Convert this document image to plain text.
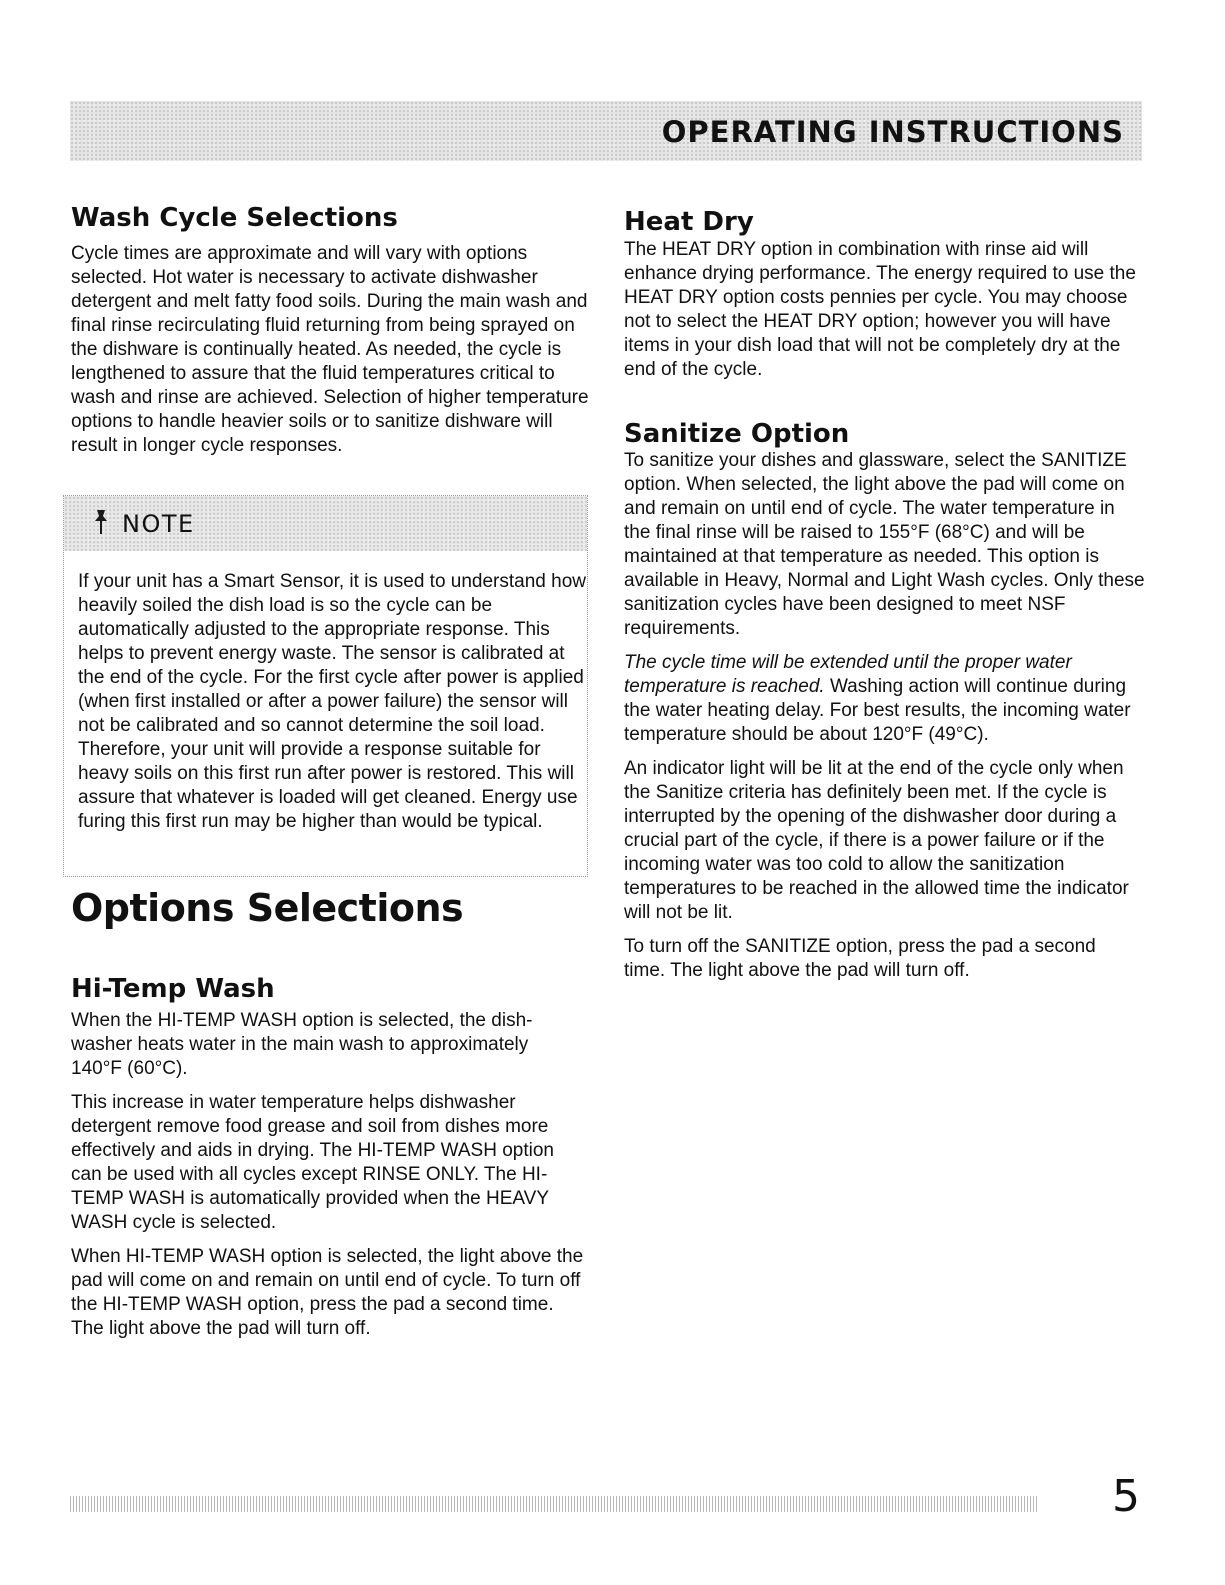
OPERATING INSTRUCTIONS
Wash Cycle Selections

Cycle times are approximate and will vary with options selected. Hot water is necessary to activate dishwasher detergent and melt fatty food soils. During the main wash and final rinse recirculating fluid returning from being sprayed on the dishware is continually heated. As needed, the cycle is lengthened to assure that the fluid temperatures critical to wash and rinse are achieved. Selection of higher temperature options to handle heavier soils or to sanitize dishware will result in longer cycle responses.

NOTE

If your unit has a Smart Sensor, it is used to understand how heavily soiled the dish load is so the cycle can be automatically adjusted to the appropriate response. This helps to prevent energy waste. The sensor is calibrated at the end of the cycle. For the first cycle after power is applied (when first installed or after a power failure) the sensor will not be calibrated and so cannot determine the soil load. Therefore, your unit will provide a response suitable for heavy soils on this first run after power is restored. This will assure that whatever is loaded will get cleaned. Energy use furing this first run may be higher than would be typical.

Options Selections
Hi-Temp Wash

When the HI-TEMP WASH option is selected, the dish-washer heats water in the main wash to approximately 140°F (60°C).

This increase in water temperature helps dishwasher detergent remove food grease and soil from dishes more effectively and aids in drying. The HI-TEMP WASH option can be used with all cycles except RINSE ONLY. The HI-TEMP WASH is automatically provided when the HEAVY WASH cycle is selected.

When HI-TEMP WASH option is selected, the light above the pad will come on and remain on until end of cycle. To turn off the HI-TEMP WASH option, press the pad a second time. The light above the pad will turn off.

Heat Dry

The HEAT DRY option in combination with rinse aid will enhance drying performance. The energy required to use the HEAT DRY option costs pennies per cycle. You may choose not to select the HEAT DRY option; however you will have items in your dish load that will not be completely dry at the end of the cycle.

Sanitize Option

To sanitize your dishes and glassware, select the SANITIZE option. When selected, the light above the pad will come on and remain on until end of cycle. The water temperature in the final rinse will be raised to 155°F (68°C) and will be maintained at that temperature as needed. This option is available in Heavy, Normal and Light Wash cycles. Only these sanitization cycles have been designed to meet NSF requirements.

The cycle time will be extended until the proper water temperature is reached. Washing action will continue during the water heating delay. For best results, the incoming water temperature should be about 120°F (49°C).

An indicator light will be lit at the end of the cycle only when the Sanitize criteria has definitely been met. If the cycle is interrupted by the opening of the dishwasher door during a crucial part of the cycle, if there is a power failure or if the incoming water was too cold to allow the sanitization temperatures to be reached in the allowed time the indicator will not be lit.

To turn off the SANITIZE option, press the pad a second time. The light above the pad will turn off.

5
